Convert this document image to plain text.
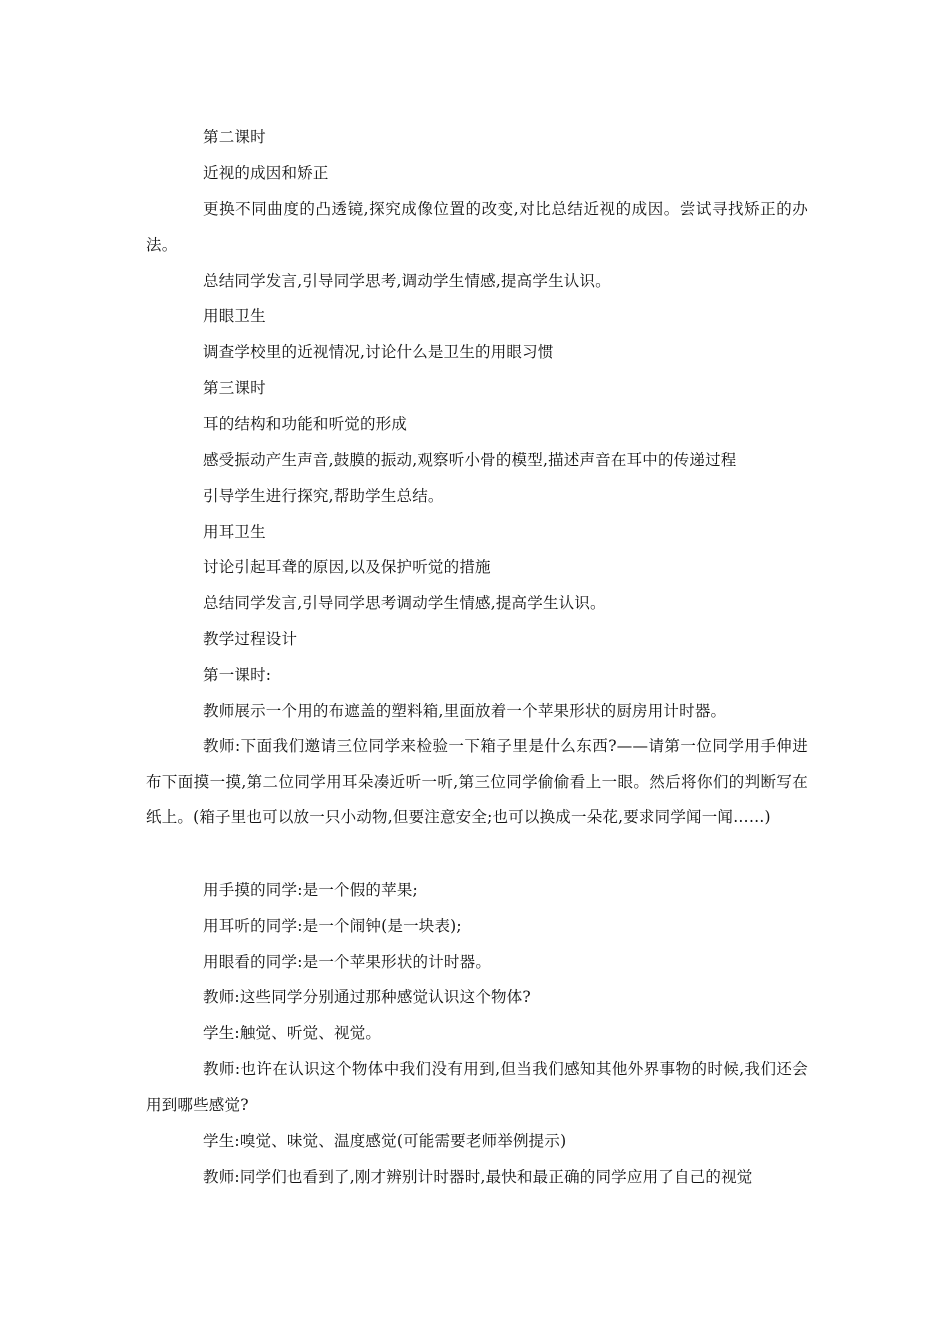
第二课时

近视的成因和矫正

更换不同曲度的凸透镜,探究成像位置的改变,对比总结近视的成因。尝试寻找矫正的办法。

总结同学发言,引导同学思考,调动学生情感,提高学生认识。

用眼卫生

调查学校里的近视情况,讨论什么是卫生的用眼习惯

第三课时

耳的结构和功能和听觉的形成

感受振动产生声音,鼓膜的振动,观察听小骨的模型,描述声音在耳中的传递过程

引导学生进行探究,帮助学生总结。

用耳卫生

讨论引起耳聋的原因,以及保护听觉的措施

总结同学发言,引导同学思考调动学生情感,提高学生认识。

教学过程设计

第一课时:

教师展示一个用的布遮盖的塑料箱,里面放着一个苹果形状的厨房用计时器。

教师:下面我们邀请三位同学来检验一下箱子里是什么东西?——请第一位同学用手伸进布下面摸一摸,第二位同学用耳朵凑近听一听,第三位同学偷偷看上一眼。然后将你们的判断写在纸上。(箱子里也可以放一只小动物,但要注意安全;也可以换成一朵花,要求同学闻一闻……)

用手摸的同学:是一个假的苹果;

用耳听的同学:是一个闹钟(是一块表);

用眼看的同学:是一个苹果形状的计时器。

教师:这些同学分别通过那种感觉认识这个物体?

学生:触觉、听觉、视觉。

教师:也许在认识这个物体中我们没有用到,但当我们感知其他外界事物的时候,我们还会用到哪些感觉?

学生:嗅觉、味觉、温度感觉(可能需要老师举例提示)

教师:同学们也看到了,刚才辨别计时器时,最快和最正确的同学应用了自己的视觉
